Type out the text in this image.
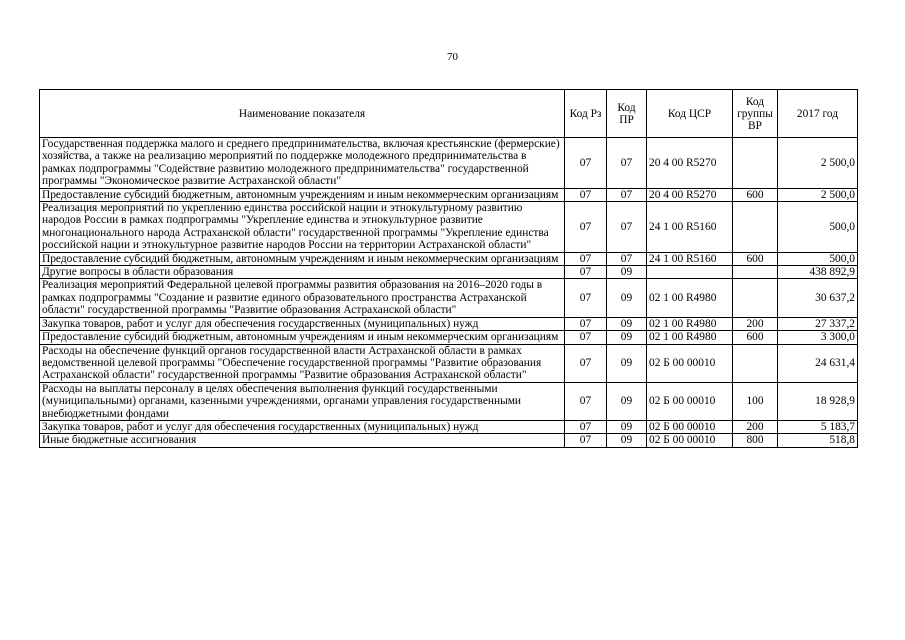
70
Наименование показателя	Код Рз	Код ПР	Код ЦСР	Код группы ВР	2017 год
Государственная поддержка малого и среднего предпринимательства, включая крестьянские (фермерские) хозяйства, а также на реализацию мероприятий по поддержке молодежного предпринимательства в рамках подпрограммы "Содействие развитию молодежного предпринимательства" государственной программы "Экономическое развитие Астраханской области"	07	07	20 4 00 R5270		2 500,0
Предоставление субсидий бюджетным, автономным учреждениям и иным некоммерческим организациям	07	07	20 4 00 R5270	600	2 500,0
Реализация мероприятий по укреплению единства российской нации и этнокультурному развитию народов России в рамках подпрограммы "Укрепление единства и этнокультурное развитие многонационального народа Астраханской области" государственной программы "Укрепление единства российской нации и этнокультурное развитие народов России на территории Астраханской области"	07	07	24 1 00 R5160		500,0
Предоставление субсидий бюджетным, автономным учреждениям и иным некоммерческим организациям	07	07	24 1 00 R5160	600	500,0
Другие вопросы в области образования	07	09			438 892,9
Реализация мероприятий Федеральной целевой программы развития образования на 2016–2020 годы в рамках подпрограммы "Создание и развитие единого образовательного пространства Астраханской области" государственной программы "Развитие образования Астраханской области"	07	09	02 1 00 R4980		30 637,2
Закупка товаров, работ и услуг для обеспечения государственных (муниципальных) нужд	07	09	02 1 00 R4980	200	27 337,2
Предоставление субсидий бюджетным, автономным учреждениям и иным некоммерческим организациям	07	09	02 1 00 R4980	600	3 300,0
Расходы на обеспечение функций органов государственной власти Астраханской области в рамках ведомственной целевой программы "Обеспечение государственной программы "Развитие образования Астраханской области" государственной программы "Развитие образования Астраханской области"	07	09	02 Б 00 00010		24 631,4
Расходы на выплаты персоналу в целях обеспечения выполнения функций государственными (муниципальными) органами, казенными учреждениями, органами управления государственными внебюджетными фондами	07	09	02 Б 00 00010	100	18 928,9
Закупка товаров, работ и услуг для обеспечения государственных (муниципальных) нужд	07	09	02 Б 00 00010	200	5 183,7
Иные бюджетные ассигнования	07	09	02 Б 00 00010	800	518,8
